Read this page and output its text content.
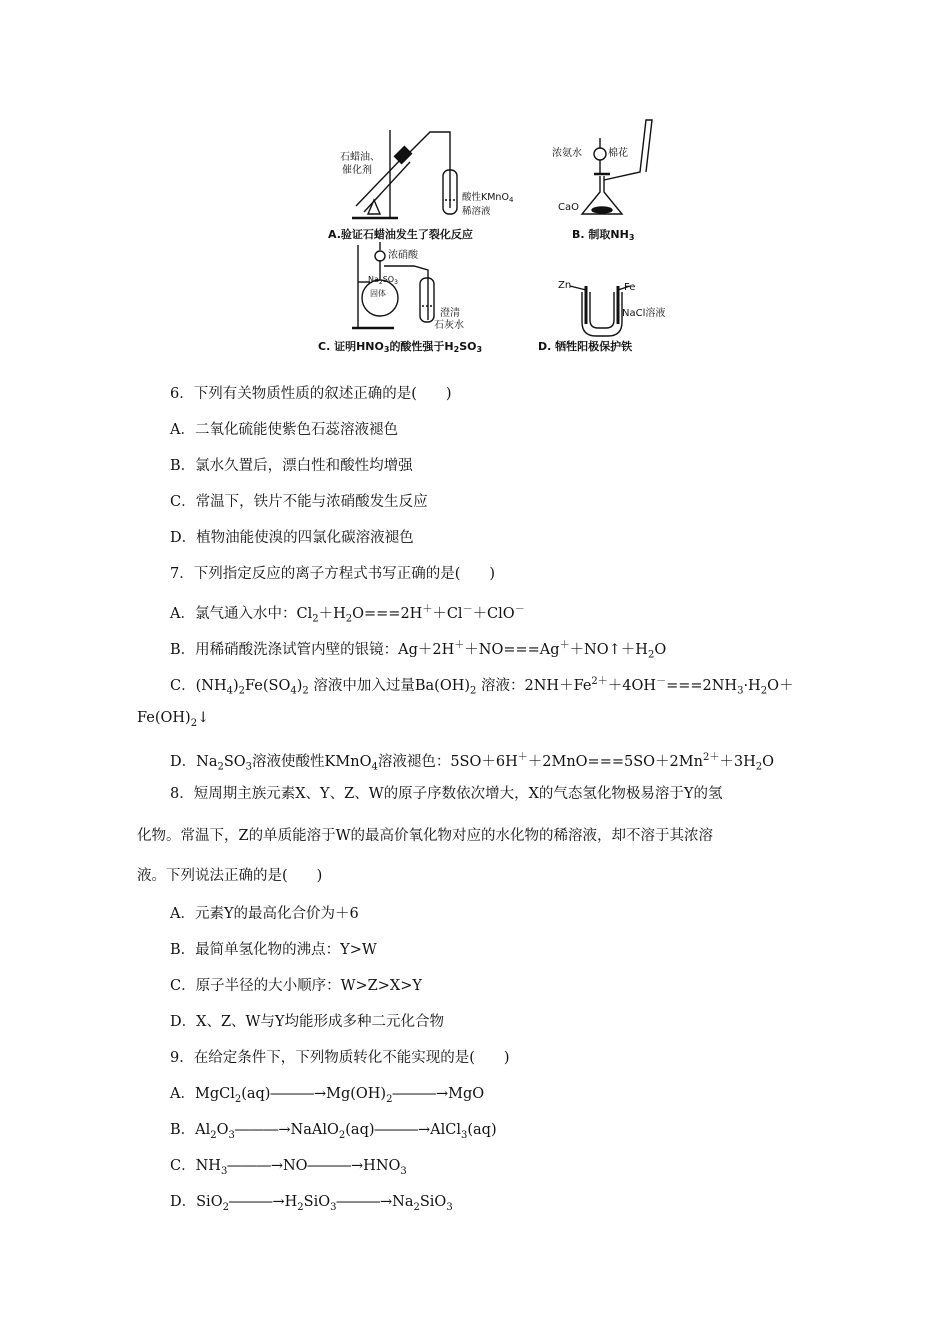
石蜡油、
催化剂
酸性KMnO$_4$
稀溶液
A.验证石蜡油发生了裂化反应
浓氨水	棉花
CaO
B. 制取NH3
浓硝酸
$Na_2SO_3$
固体
澄清
石灰水
C. 证明HNO3的酸性强于H2SO3
Zn	Fe
NaCl溶液
D. 牺牲阳极保护铁
6．下列有关物质性质的叙述正确的是(　　)
A．二氧化硫能使紫色石蕊溶液褪色
B．氯水久置后，漂白性和酸性均增强
C．常温下，铁片不能与浓硝酸发生反应
D．植物油能使溴的四氯化碳溶液褪色
7．下列指定反应的离子方程式书写正确的是(　　)
A．氯气通入水中：$Cl_2+H_2O===2H^++Cl^-+ClO^-$
B．用稀硝酸洗涤试管内壁的银镜：$Ag+2H^++NO===Ag^++NO↑+H_2O$
C．$(NH_4)_2Fe(SO_4)_2$ 溶液中加入过量$Ba(OH)_2$ 溶液：$2NH+Fe^{2+}+4OH^-===2NH_3\cdot H_2O+$
$Fe(OH)_2↓$
D．$Na_2SO_3$溶液使酸性KMnO$_4$溶液褪色：$5SO+6H^++2MnO===5SO+2Mn^{2+}+3H_2O$
8．短周期主族元素X、Y、Z、W的原子序数依次增大，X的气态氢化物极易溶于Y的氢
化物。常温下，Z的单质能溶于W的最高价氧化物对应的水化物的稀溶液，却不溶于其浓溶
液。下列说法正确的是(　　)
A．元素Y的最高化合价为＋6
B．最简单氢化物的沸点：Y>W
C．原子半径的大小顺序：W>Z>X>Y
D．X、Z、W与Y均能形成多种二元化合物
9．在给定条件下，下列物质转化不能实现的是(　　)
A．$MgCl_2(aq)―――\to Mg(OH)_2―――\to MgO$
B．$Al_2O_3―――\to NaAlO_2(aq)―――\to AlCl_3(aq)$
C．$NH_3―――\to NO―――\to HNO_3$
D．$SiO_2―――\to H_2SiO_3―――\to Na_2SiO_3$
